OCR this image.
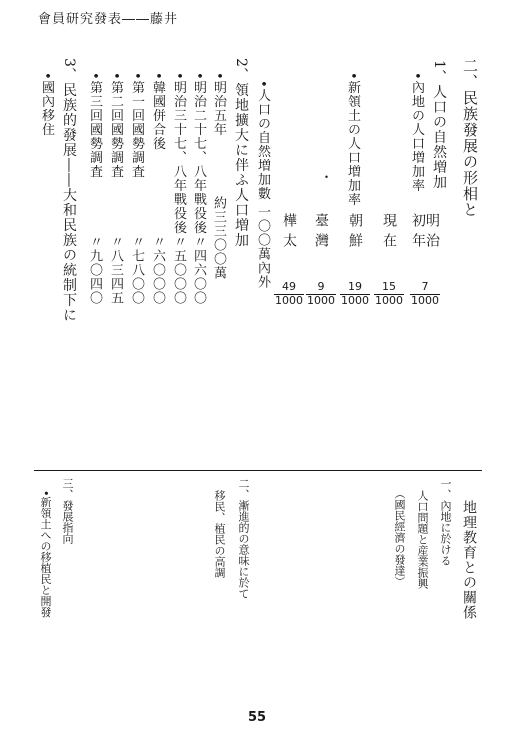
會員研究發表――藤井
二、民族發展の形相と
1、人口の自然増加
•內地の人口増加率
•新領土の人口増加率
・
明治初年
7
1000
現在
15
1000
朝鮮
19
1000
臺灣
9
1000
樺太
49
1000
•人口の自然増加數
一〇〇萬內外
2、領地擴大に伴ふ人口増加
•明治五年
約三三〇〇萬
•明治二十七、八年戰役後
〃四六〇〇
•明治三十七、八年戰役後
〃五〇〇〇
•韓國併合後
〃六〇〇〇
•第一回國勢調査
〃七八〇〇
•第二回國勢調査
〃八三四五
•第三回國勢調査
〃九〇四〇
3、民族的發展――大和民族の統制下に
•國內移住
地理教育との關係
一、內地に於ける
人口問題と産業振興
（國民經濟の發達）
二、漸進的の意味に於て
移民、植民の高調
三、發展指向
•新領土への移植民と開發
55
